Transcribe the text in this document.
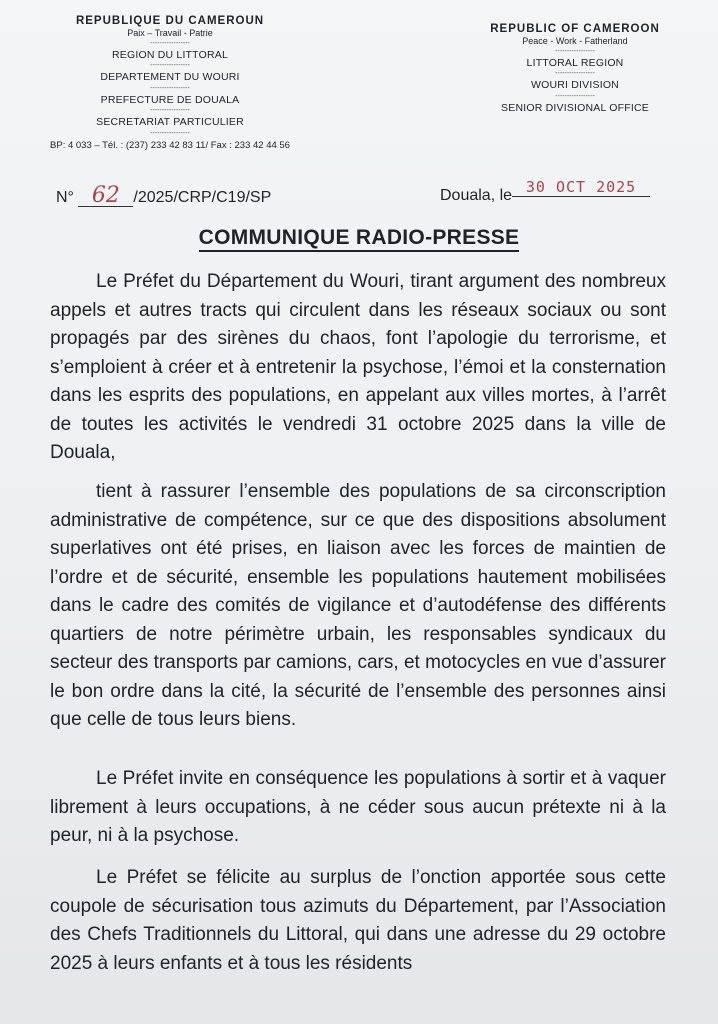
REPUBLIQUE DU CAMEROUN
Paix – Travail - Patrie
-----------------
REGION DU LITTORAL
-----------------
DEPARTEMENT DU WOURI
-----------------
PREFECTURE DE DOUALA
-----------------
SECRETARIAT PARTICULIER
-----------------
BP: 4 033 – Tél. : (237) 233 42 83 11/ Fax : 233 42 44 56
REPUBLIC OF CAMEROON
Peace - Work - Fatherland
-----------------
LITTORAL REGION
-----------------
WOURI DIVISION
-----------------
SENIOR DIVISIONAL OFFICE
N° 62 /2025/CRP/C19/SP	Douala, le 30 OCT 2025
COMMUNIQUE RADIO-PRESSE

Le Préfet du Département du Wouri, tirant argument des nombreux appels et autres tracts qui circulent dans les réseaux sociaux ou sont propagés par des sirènes du chaos, font l’apologie du terrorisme, et s’emploient à créer et à entretenir la psychose, l’émoi et la consternation dans les esprits des populations, en appelant aux villes mortes, à l’arrêt de toutes les activités le vendredi 31 octobre 2025 dans la ville de Douala,

tient à rassurer l’ensemble des populations de sa circonscription administrative de compétence, sur ce que des dispositions absolument superlatives ont été prises, en liaison avec les forces de maintien de l’ordre et de sécurité, ensemble les populations hautement mobilisées dans le cadre des comités de vigilance et d’autodéfense des différents quartiers de notre périmètre urbain, les responsables syndicaux du secteur des transports par camions, cars, et motocycles en vue d’assurer le bon ordre dans la cité, la sécurité de l’ensemble des personnes ainsi que celle de tous leurs biens.

Le Préfet invite en conséquence les populations à sortir et à vaquer librement à leurs occupations, à ne céder sous aucun prétexte ni à la peur, ni à la psychose.

Le Préfet se félicite au surplus de l’onction apportée sous cette coupole de sécurisation tous azimuts du Département, par l’Association des Chefs Traditionnels du Littoral, qui dans une adresse du 29 octobre 2025 à leurs enfants et à tous les résidents
